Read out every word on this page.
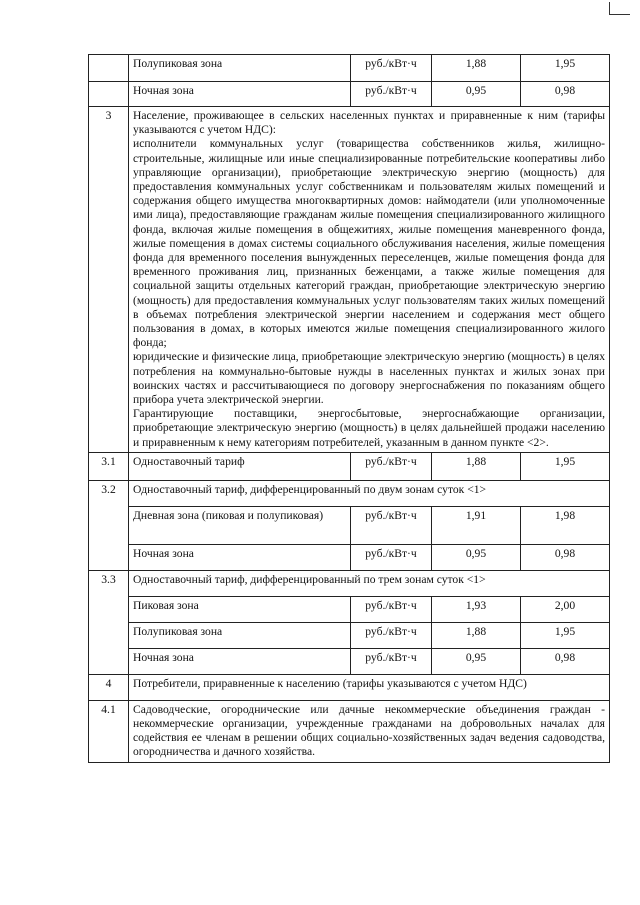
	Полупиковая зона	руб./кВт·ч	1,88	1,95
	Ночная зона	руб./кВт·ч	0,95	0,98
3	Население, проживающее в сельских населенных пунктах и приравненные к ним (тарифы указываются с учетом НДС):

исполнители коммунальных услуг (товарищества собственников жилья, жилищно-строительные, жилищные или иные специализированные потребительские кооперативы либо управляющие организации), приобретающие электрическую энергию (мощность) для предоставления коммунальных услуг собственникам и пользователям жилых помещений и содержания общего имущества многоквартирных домов: наймодатели (или уполномоченные ими лица), предоставляющие гражданам жилые помещения специализированного жилищного фонда, включая жилые помещения в общежитиях, жилые помещения маневренного фонда, жилые помещения в домах системы социального обслуживания населения, жилые помещения фонда для временного поселения вынужденных переселенцев, жилые помещения фонда для временного проживания лиц, признанных беженцами, а также жилые помещения для социальной защиты отдельных категорий граждан, приобретающие электрическую энергию (мощность) для предоставления коммунальных услуг пользователям таких жилых помещений в объемах потребления электрической энергии населением и содержания мест общего пользования в домах, в которых имеются жилые помещения специализированного жилого фонда;

юридические и физические лица, приобретающие электрическую энергию (мощность) в целях потребления на коммунально-бытовые нужды в населенных пунктах и жилых зонах при воинских частях и рассчитывающиеся по договору энергоснабжения по показаниям общего прибора учета электрической энергии.

Гарантирующие поставщики, энергосбытовые, энергоснабжающие организации, приобретающие электрическую энергию (мощность) в целях дальнейшей продажи населению и приравненным к нему категориям потребителей, указанным в данном пункте <2>.			

3.1	Одноставочный тариф	руб./кВт·ч	1,88	1,95
3.2	Одноставочный тариф, дифференцированный по двум зонам суток <1>			
	Дневная зона (пиковая и полупиковая)	руб./кВт·ч	1,91	1,98
	Ночная зона	руб./кВт·ч	0,95	0,98
3.3	Одноставочный тариф, дифференцированный по трем зонам суток <1>			
	Пиковая зона	руб./кВт·ч	1,93	2,00
	Полупиковая зона	руб./кВт·ч	1,88	1,95
	Ночная зона	руб./кВт·ч	0,95	0,98
4	Потребители, приравненные к населению (тарифы указываются с учетом НДС)			
4.1	Садоводческие, огороднические или дачные некоммерческие объединения граждан - некоммерческие организации, учрежденные гражданами на добровольных началах для содействия ее членам в решении общих социально-хозяйственных задач ведения садоводства, огородничества и дачного хозяйства.			
